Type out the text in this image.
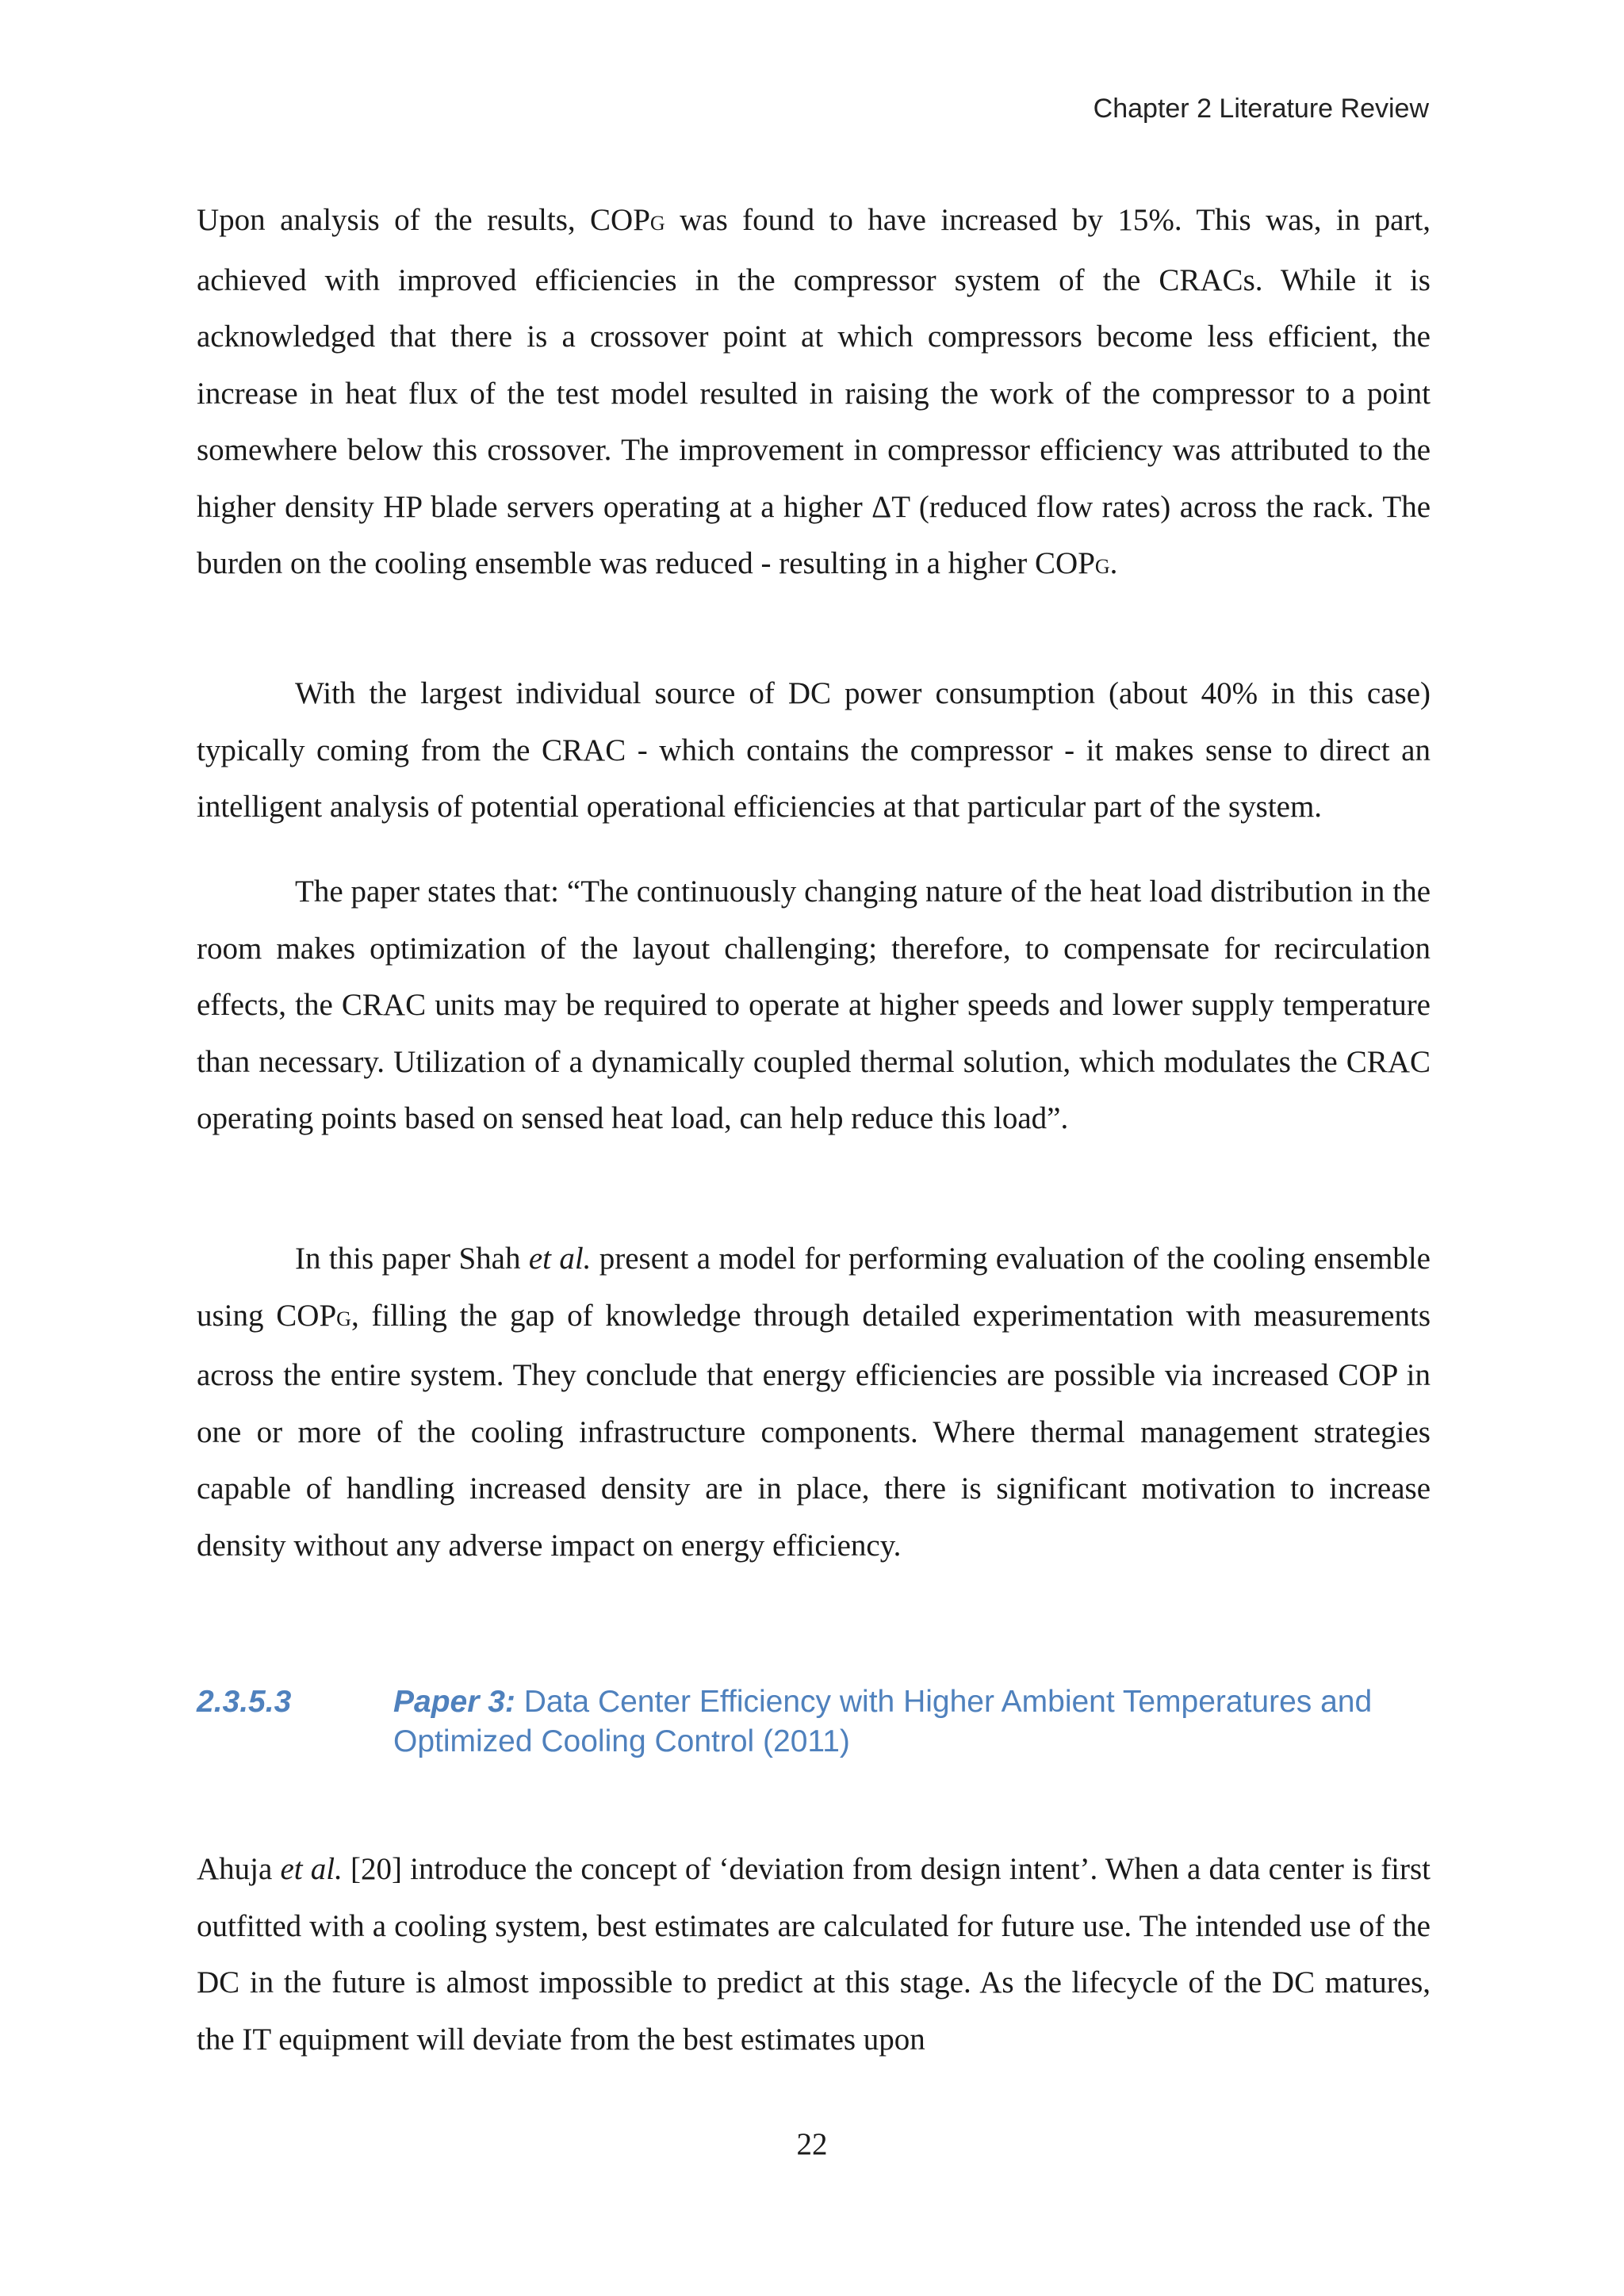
Chapter 2 Literature Review

Upon analysis of the results, COPG was found to have increased by 15%. This was, in part, achieved with improved efficiencies in the compressor system of the CRACs. While it is acknowledged that there is a crossover point at which compressors become less efficient, the increase in heat flux of the test model resulted in raising the work of the compressor to a point somewhere below this crossover. The improvement in compressor efficiency was attributed to the higher density HP blade servers operating at a higher ΔT (reduced flow rates) across the rack. The burden on the cooling ensemble was reduced - resulting in a higher COPG.

With the largest individual source of DC power consumption (about 40% in this case) typically coming from the CRAC - which contains the compressor - it makes sense to direct an intelligent analysis of potential operational efficiencies at that particular part of the system.

The paper states that: “The continuously changing nature of the heat load distribution in the room makes optimization of the layout challenging; therefore, to compensate for recirculation effects, the CRAC units may be required to operate at higher speeds and lower supply temperature than necessary. Utilization of a dynamically coupled thermal solution, which modulates the CRAC operating points based on sensed heat load, can help reduce this load”.

In this paper Shah et al. present a model for performing evaluation of the cooling ensemble using COPG, filling the gap of knowledge through detailed experimentation with measurements across the entire system. They conclude that energy efficiencies are possible via increased COP in one or more of the cooling infrastructure components. Where thermal management strategies capable of handling increased density are in place, there is significant motivation to increase density without any adverse impact on energy efficiency.

2.3.5.3	Paper 3: Data Center Efficiency with Higher Ambient Temperatures and Optimized Cooling Control (2011)

Ahuja et al. [20] introduce the concept of ‘deviation from design intent’. When a data center is first outfitted with a cooling system, best estimates are calculated for future use. The intended use of the DC in the future is almost impossible to predict at this stage. As the lifecycle of the DC matures, the IT equipment will deviate from the best estimates upon

22
